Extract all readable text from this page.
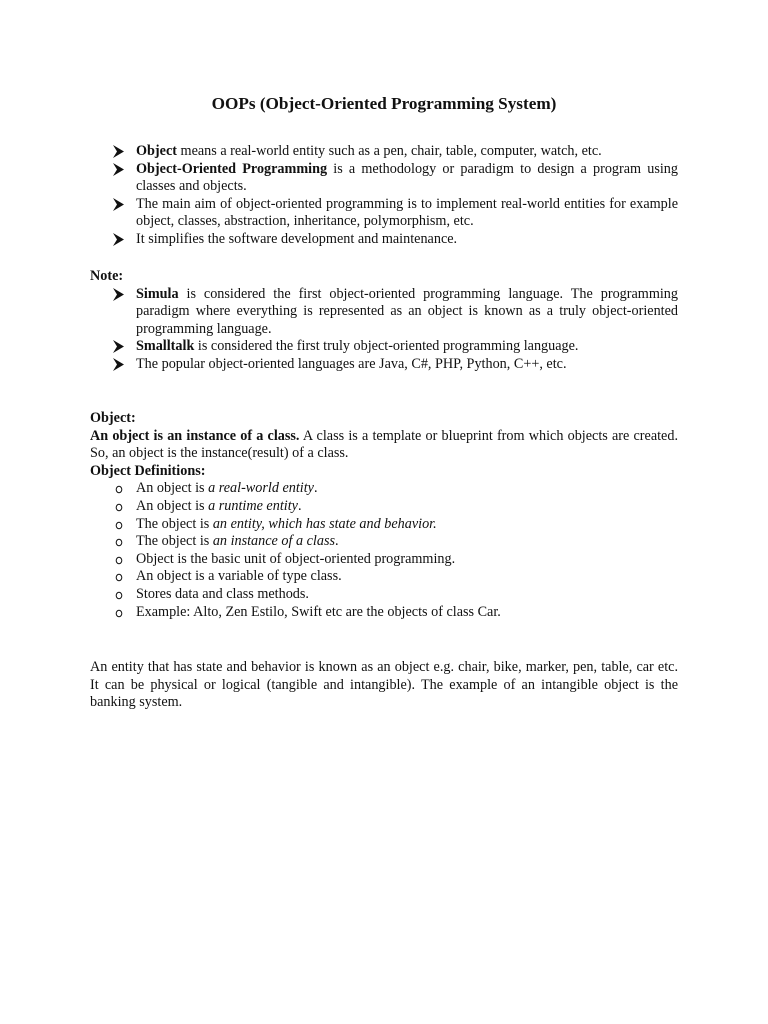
OOPs (Object-Oriented Programming System)
Object means a real-world entity such as a pen, chair, table, computer, watch, etc.
Object-Oriented Programming is a methodology or paradigm to design a program using classes and objects.
The main aim of object-oriented programming is to implement real-world entities for example object, classes, abstraction, inheritance, polymorphism, etc.
It simplifies the software development and maintenance.
Note:
Simula is considered the first object-oriented programming language. The programming paradigm where everything is represented as an object is known as a truly object-oriented programming language.
Smalltalk is considered the first truly object-oriented programming language.
The popular object-oriented languages are Java, C#, PHP, Python, C++, etc.
Object:
An object is an instance of a class. A class is a template or blueprint from which objects are created. So, an object is the instance(result) of a class.
Object Definitions:
An object is a real-world entity.
An object is a runtime entity.
The object is an entity, which has state and behavior.
The object is an instance of a class.
Object is the basic unit of object-oriented programming.
An object is a variable of type class.
Stores data and class methods.
Example: Alto, Zen Estilo, Swift etc are the objects of class Car.
An entity that has state and behavior is known as an object e.g. chair, bike, marker, pen, table, car etc. It can be physical or logical (tangible and intangible). The example of an intangible object is the banking system.
